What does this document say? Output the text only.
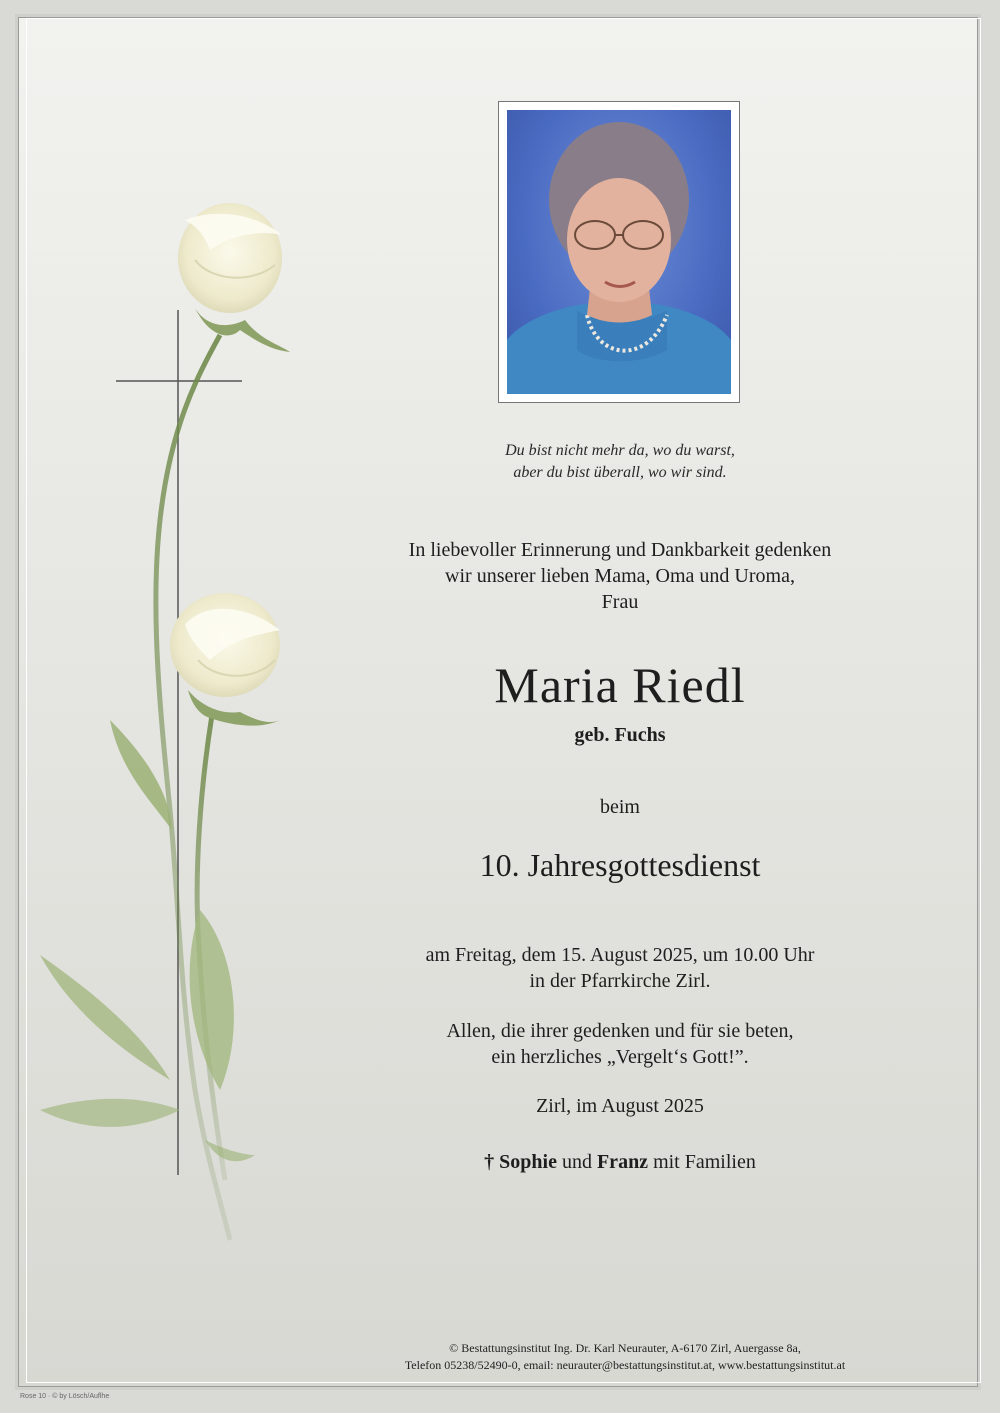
Du bist nicht mehr da, wo du warst,
aber du bist überall, wo wir sind.
In liebevoller Erinnerung und Dankbarkeit gedenken
wir unserer lieben Mama, Oma und Uroma,
Frau
Maria Riedl
geb. Fuchs
beim
10. Jahresgottesdienst
am Freitag, dem 15. August 2025, um 10.00 Uhr
in der Pfarrkirche Zirl.
Allen, die ihrer gedenken und für sie beten,
ein herzliches „Vergelt‘s Gott!”.
Zirl, im August 2025
† Sophie und Franz mit Familien
© Bestattungsinstitut Ing. Dr. Karl Neurauter, A-6170 Zirl, Auergasse 8a,
Telefon 05238/52490-0, email: neurauter@bestattungsinstitut.at, www.bestattungsinstitut.at
Rose 10 · © by Lösch/Auflhe
